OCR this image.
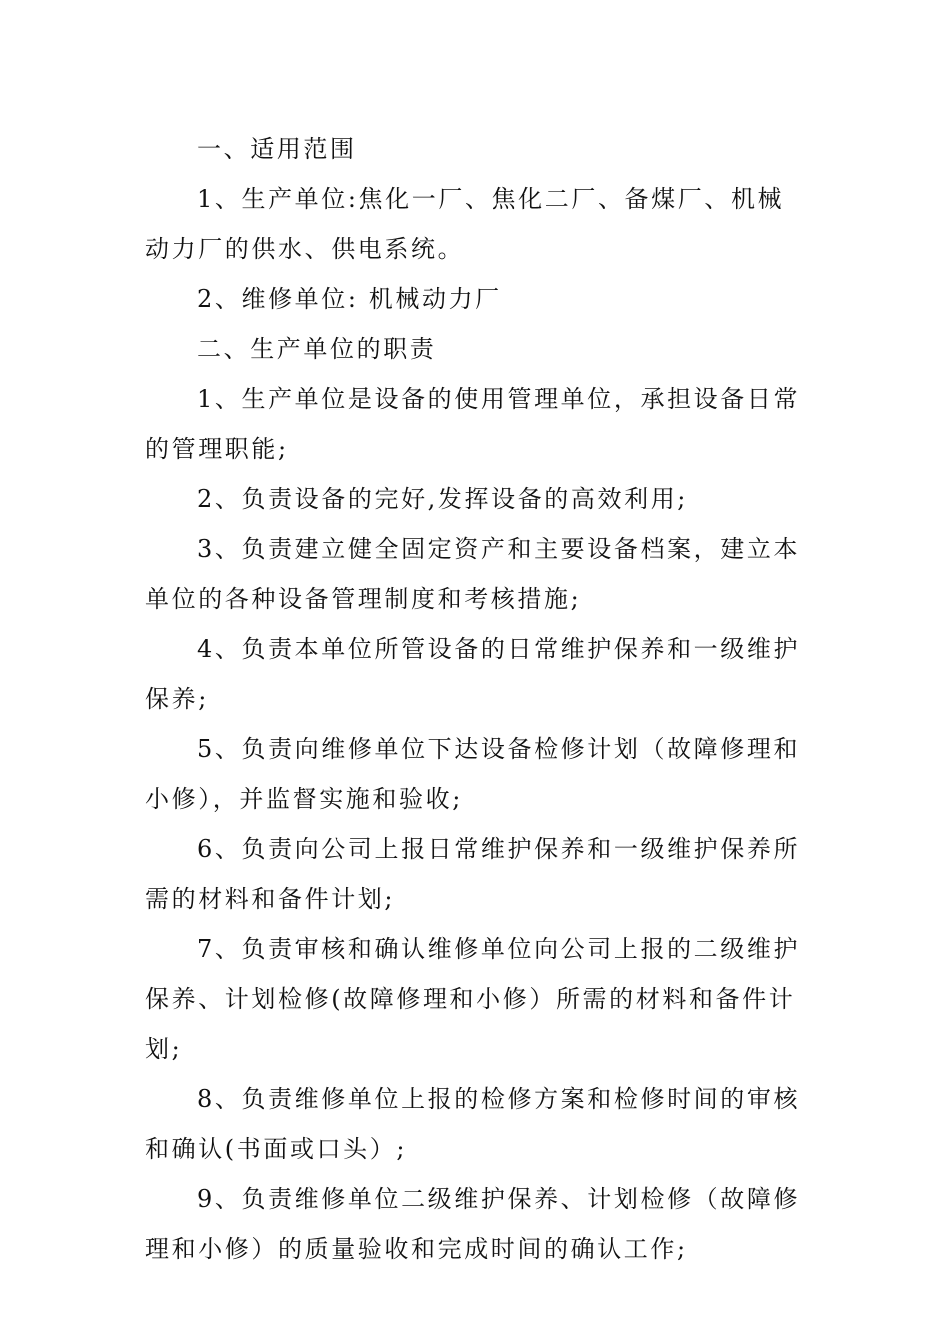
一、适用范围

1、生产单位:焦化一厂、焦化二厂、备煤厂、机械动力厂的供水、供电系统。

2、维修单位: 机械动力厂

二、生产单位的职责

1、生产单位是设备的使用管理单位，承担设备日常的管理职能;

2、负责设备的完好,发挥设备的高效利用;

3、负责建立健全固定资产和主要设备档案，建立本单位的各种设备管理制度和考核措施;

4、负责本单位所管设备的日常维护保养和一级维护保养;

5、负责向维修单位下达设备检修计划（故障修理和小修），并监督实施和验收;

6、负责向公司上报日常维护保养和一级维护保养所需的材料和备件计划;

7、负责审核和确认维修单位向公司上报的二级维护保养、计划检修(故障修理和小修）所需的材料和备件计划;

8、负责维修单位上报的检修方案和检修时间的审核和确认(书面或口头）;

9、负责维修单位二级维护保养、计划检修（故障修理和小修）的质量验收和完成时间的确认工作;
